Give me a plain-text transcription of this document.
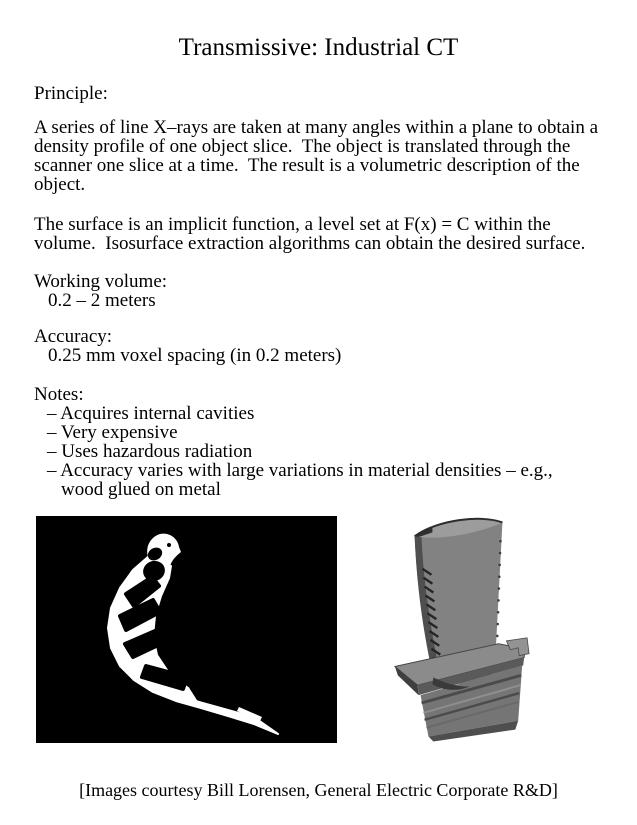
Transmissive: Industrial CT
Principle:
A series of line X–rays are taken at many angles within a plane to obtain a density profile of one object slice.  The object is translated through the scanner one slice at a time.  The result is a volumetric description of the object.
The surface is an implicit function, a level set at F(x) = C within the volume.  Isosurface extraction algorithms can obtain the desired surface.
Working volume:
0.2 – 2 meters
Accuracy:
0.25 mm voxel spacing (in 0.2 meters)
Notes:
– Acquires internal cavities
– Very expensive
– Uses hazardous radiation
– Accuracy varies with large variations in material densities – e.g.,
wood glued on metal
[Images courtesy Bill Lorensen, General Electric Corporate R&D]
